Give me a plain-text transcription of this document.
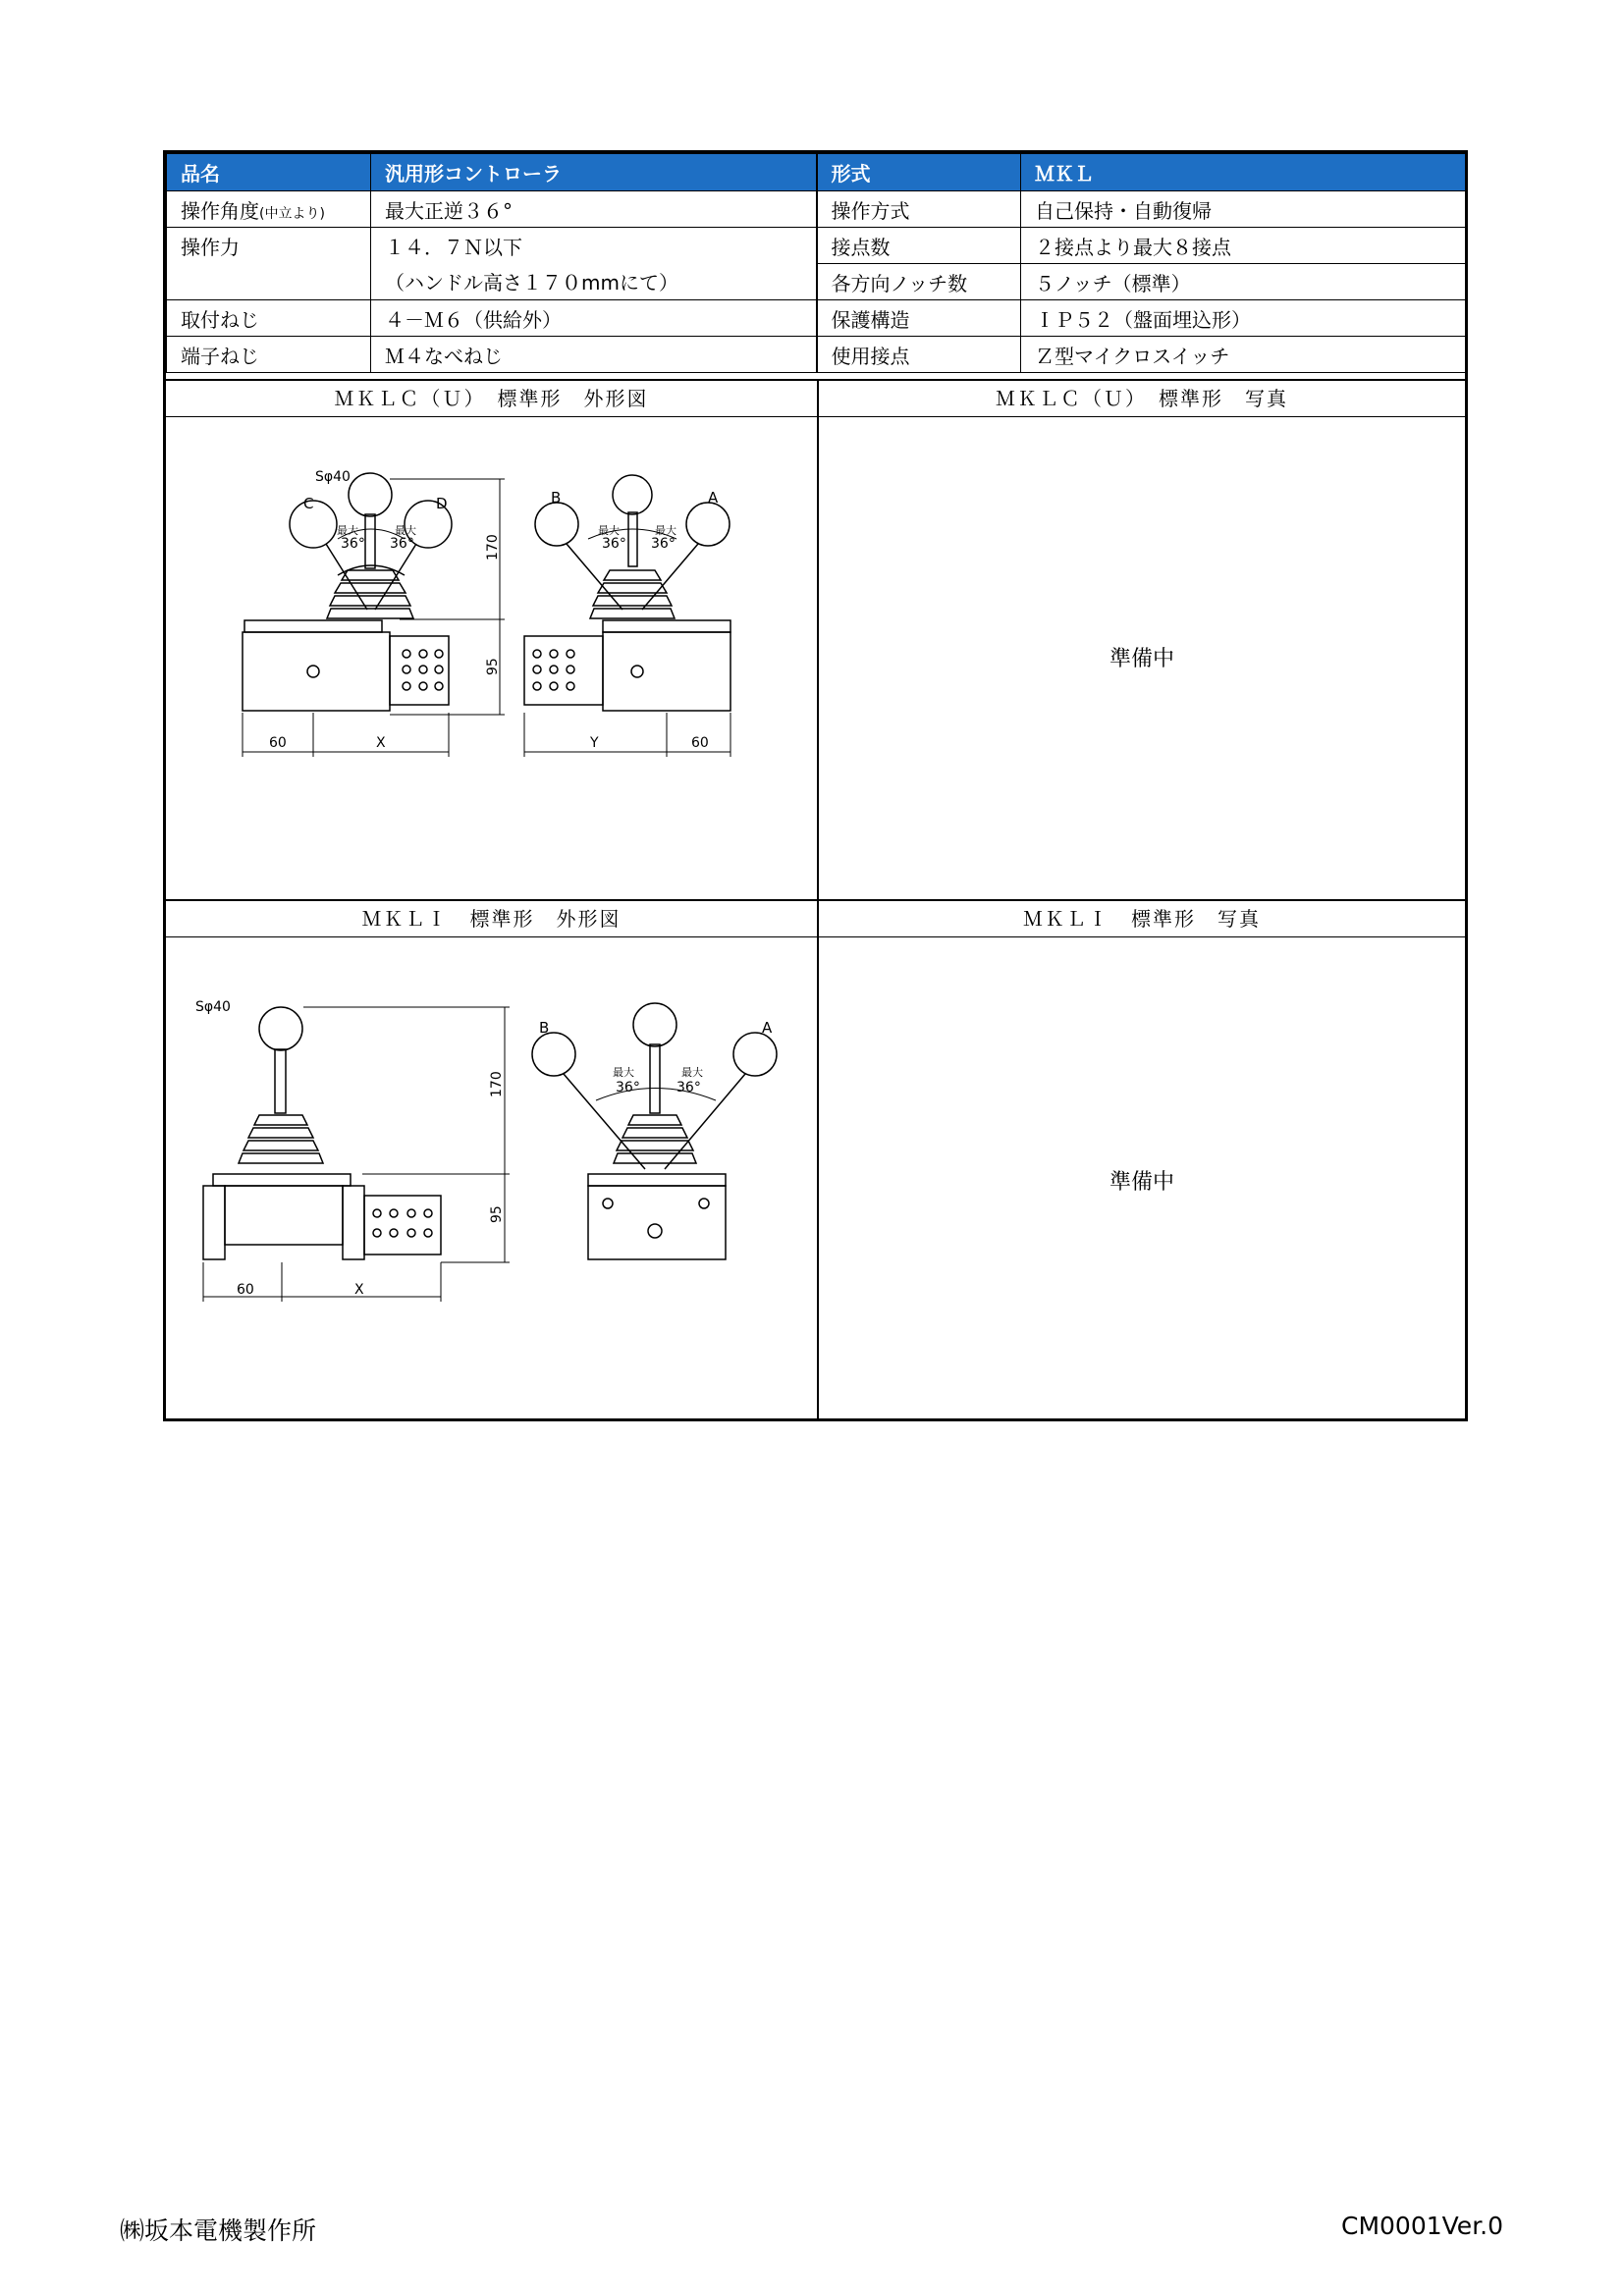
品名	汎用形コントローラ	形式	ＭＫＬ
操作角度(中立より)	最大正逆３６°	操作方式	自己保持・自動復帰
操作力	１４．７Ｎ以下	接点数	２接点より最大８接点
	（ハンドル高さ１７０mmにて）	各方向ノッチ数	５ノッチ（標準）
取付ねじ	４－Ｍ６（供給外）	保護構造	ＩＰ５２（盤面埋込形）
端子ねじ	Ｍ４なべねじ	使用接点	Ｚ型マイクロスイッチ
ＭＫＬＣ（Ｕ）　標準形　外形図	ＭＫＬＣ（Ｕ）　標準形　写真
ＭＫＬＩ　標準形　外形図	ＭＫＬＩ　標準形　写真
準備中
準備中
C	D
Sφ40
最大	最大
36° 36°	170
95
60	X
B	A
最大	最大
36° 36°
Y	60
Sφ40
170
95
60	X
B	A
最大	最大
36°	36°
㈱坂本電機製作所	CM0001Ver.0
